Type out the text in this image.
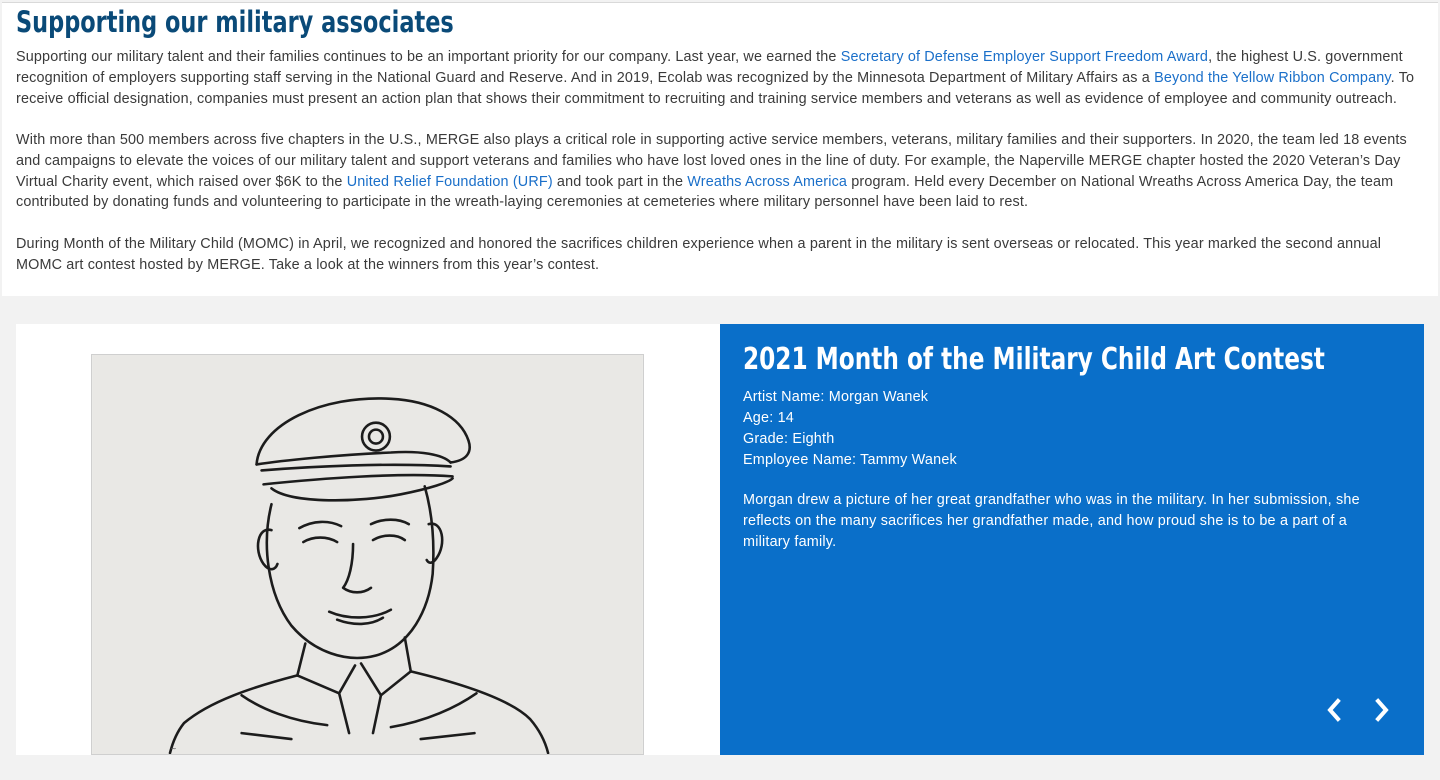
Supporting our military associates

Supporting our military talent and their families continues to be an important priority for our company. Last year, we earned the Secretary of Defense Employer Support Freedom Award, the highest U.S. government recognition of employers supporting staff serving in the National Guard and Reserve. And in 2019, Ecolab was recognized by the Minnesota Department of Military Affairs as a Beyond the Yellow Ribbon Company. To receive official designation, companies must present an action plan that shows their commitment to recruiting and training service members and veterans as well as evidence of employee and community outreach.

With more than 500 members across five chapters in the U.S., MERGE also plays a critical role in supporting active service members, veterans, military families and their supporters. In 2020, the team led 18 events and campaigns to elevate the voices of our military talent and support veterans and families who have lost loved ones in the line of duty. For example, the Naperville MERGE chapter hosted the 2020 Veteran’s Day Virtual Charity event, which raised over $6K to the United Relief Foundation (URF) and took part in the Wreaths Across America program. Held every December on National Wreaths Across America Day, the team contributed by donating funds and volunteering to participate in the wreath-laying ceremonies at cemeteries where military personnel have been laid to rest.

During Month of the Military Child (MOMC) in April, we recognized and honored the sacrifices children experience when a parent in the military is sent overseas or relocated. This year marked the second annual MOMC art contest hosted by MERGE. Take a look at the winners from this year’s contest.

~
2021 Month of the Military Child Art Contest
Artist Name: Morgan Wanek
Age: 14
Grade: Eighth
Employee Name: Tammy Wanek

Morgan drew a picture of her great grandfather who was in the military. In her submission, she reflects on the many sacrifices her grandfather made, and how proud she is to be a part of a military family.
